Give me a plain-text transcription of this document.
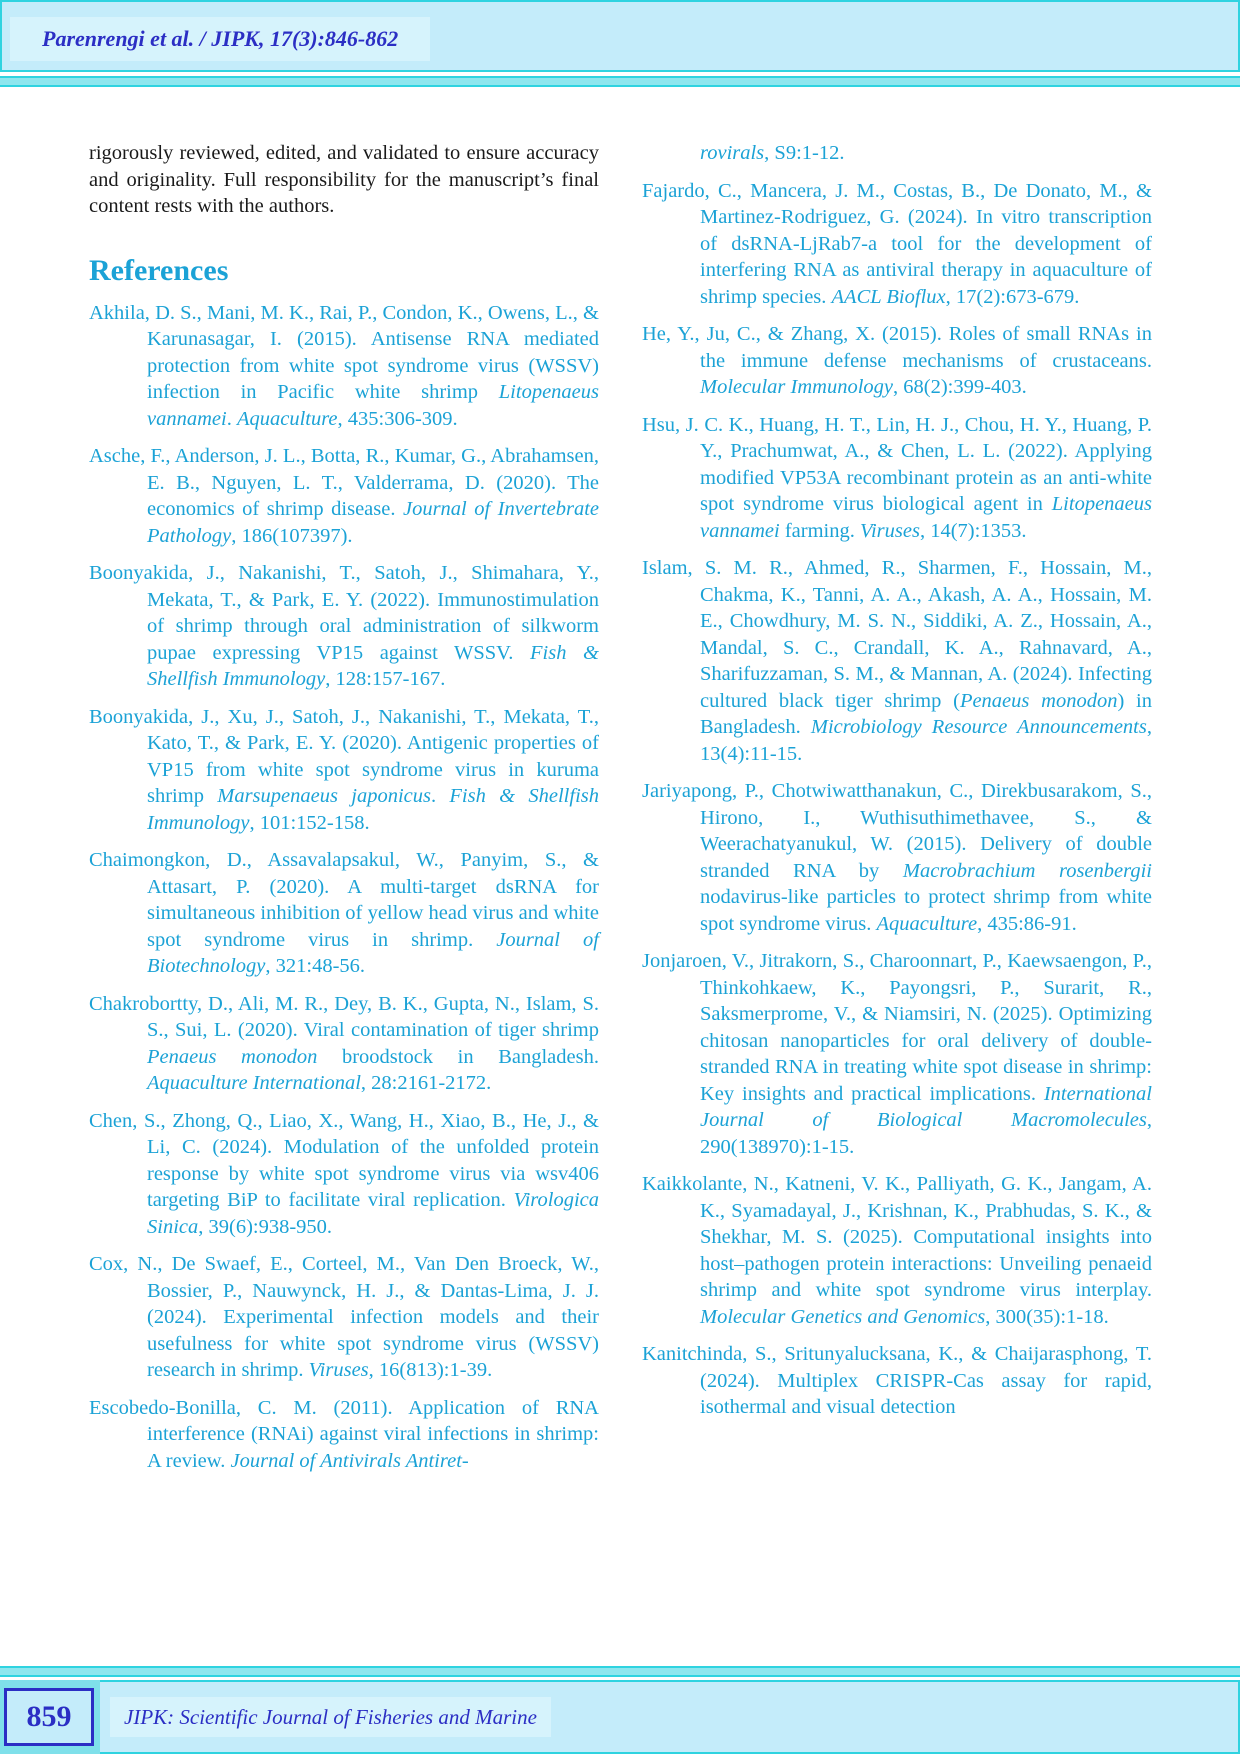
Parenrengi et al. / JIPK, 17(3):846-862

rigorously reviewed, edited, and validated to ensure accuracy and originality. Full responsibility for the manuscript’s final content rests with the authors.

References

Akhila, D. S., Mani, M. K., Rai, P., Condon, K., Owens, L., & Karunasagar, I. (2015). Antisense RNA mediated protection from white spot syndrome virus (WSSV) infection in Pacific white shrimp Litopenaeus vannamei. Aquaculture, 435:306-309.

Asche, F., Anderson, J. L., Botta, R., Kumar, G., Abrahamsen, E. B., Nguyen, L. T., Valderrama, D. (2020). The economics of shrimp disease. Journal of Invertebrate Pathology, 186(107397).

Boonyakida, J., Nakanishi, T., Satoh, J., Shimahara, Y., Mekata, T., & Park, E. Y. (2022). Immunostimulation of shrimp through oral administration of silkworm pupae expressing VP15 against WSSV. Fish & Shellfish Immunology, 128:157-167.

Boonyakida, J., Xu, J., Satoh, J., Nakanishi, T., Mekata, T., Kato, T., & Park, E. Y. (2020). Antigenic properties of VP15 from white spot syndrome virus in kuruma shrimp Marsupenaeus japonicus. Fish & Shellfish Immunology, 101:152-158.

Chaimongkon, D., Assavalapsakul, W., Panyim, S., & Attasart, P. (2020). A multi-target dsRNA for simultaneous inhibition of yellow head virus and white spot syndrome virus in shrimp. Journal of Biotechnology, 321:48-56.

Chakrobortty, D., Ali, M. R., Dey, B. K., Gupta, N., Islam, S. S., Sui, L. (2020). Viral contamination of tiger shrimp Penaeus monodon broodstock in Bangladesh. Aquaculture International, 28:2161-2172.

Chen, S., Zhong, Q., Liao, X., Wang, H., Xiao, B., He, J., & Li, C. (2024). Modulation of the unfolded protein response by white spot syndrome virus via wsv406 targeting BiP to facilitate viral replication. Virologica Sinica, 39(6):938-950.

Cox, N., De Swaef, E., Corteel, M., Van Den Broeck, W., Bossier, P., Nauwynck, H. J., & Dantas-Lima, J. J. (2024). Experimental infection models and their usefulness for white spot syndrome virus (WSSV) research in shrimp. Viruses, 16(813):1-39.

Escobedo-Bonilla, C. M. (2011). Application of RNA interference (RNAi) against viral infections in shrimp: A review. Journal of Antivirals Antiret-

rovirals, S9:1-12.

Fajardo, C., Mancera, J. M., Costas, B., De Donato, M., & Martinez-Rodriguez, G. (2024). In vitro transcription of dsRNA-LjRab7-a tool for the development of interfering RNA as antiviral therapy in aquaculture of shrimp species. AACL Bioflux, 17(2):673-679.

He, Y., Ju, C., & Zhang, X. (2015). Roles of small RNAs in the immune defense mechanisms of crustaceans. Molecular Immunology, 68(2):399-403.

Hsu, J. C. K., Huang, H. T., Lin, H. J., Chou, H. Y., Huang, P. Y., Prachumwat, A., & Chen, L. L. (2022). Applying modified VP53A recombinant protein as an anti-white spot syndrome virus biological agent in Litopenaeus vannamei farming. Viruses, 14(7):1353.

Islam, S. M. R., Ahmed, R., Sharmen, F., Hossain, M., Chakma, K., Tanni, A. A., Akash, A. A., Hossain, M. E., Chowdhury, M. S. N., Siddiki, A. Z., Hossain, A., Mandal, S. C., Crandall, K. A., Rahnavard, A., Sharifuzzaman, S. M., & Mannan, A. (2024). Infecting cultured black tiger shrimp (Penaeus monodon) in Bangladesh. Microbiology Resource Announcements, 13(4):11-15.

Jariyapong, P., Chotwiwatthanakun, C., Direkbusarakom, S., Hirono, I., Wuthisuthimethavee, S., & Weerachatyanukul, W. (2015). Delivery of double stranded RNA by Macrobrachium rosenbergii nodavirus-like particles to protect shrimp from white spot syndrome virus. Aquaculture, 435:86-91.

Jonjaroen, V., Jitrakorn, S., Charoonnart, P., Kaewsaengon, P., Thinkohkaew, K., Payongsri, P., Surarit, R., Saksmerprome, V., & Niamsiri, N. (2025). Optimizing chitosan nanoparticles for oral delivery of double-stranded RNA in treating white spot disease in shrimp: Key insights and practical implications. International Journal of Biological Macromolecules, 290(138970):1-15.

Kaikkolante, N., Katneni, V. K., Palliyath, G. K., Jangam, A. K., Syamadayal, J., Krishnan, K., Prabhudas, S. K., & Shekhar, M. S. (2025). Computational insights into host–pathogen protein interactions: Unveiling penaeid shrimp and white spot syndrome virus interplay. Molecular Genetics and Genomics, 300(35):1-18.

Kanitchinda, S., Sritunyalucksana, K., & Chaijarasphong, T. (2024). Multiplex CRISPR-Cas assay for rapid, isothermal and visual detection

859	JIPK: Scientific Journal of Fisheries and Marine
